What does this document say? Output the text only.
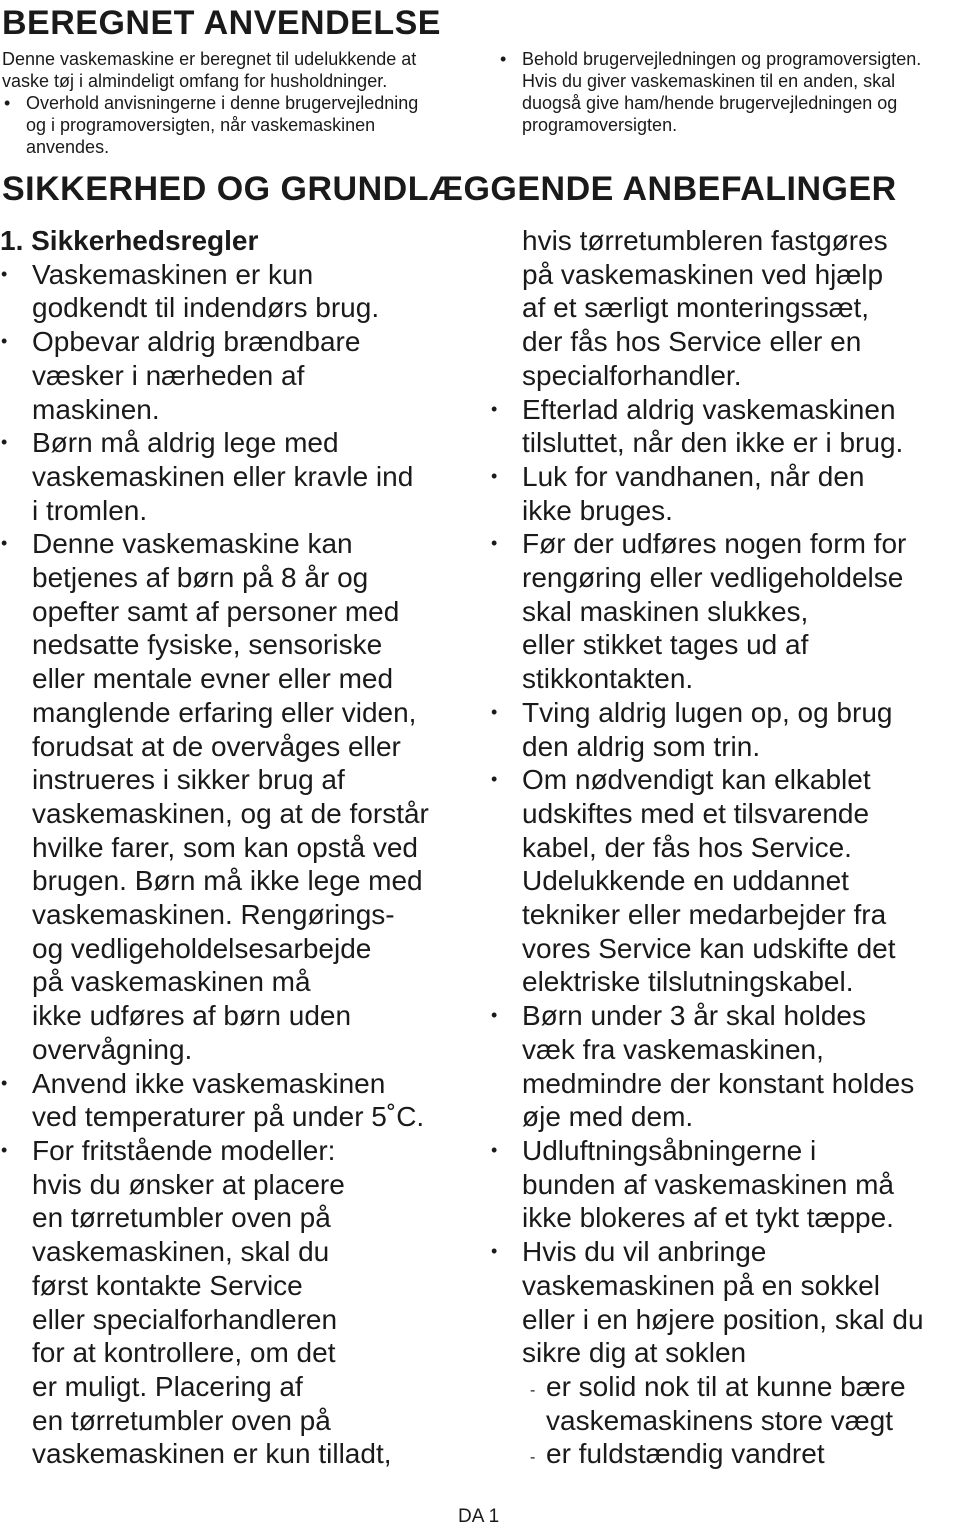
BEREGNET ANVENDELSE

Denne vaskemaskine er beregnet til udelukkende at
vaske tøj i almindeligt omfang for husholdninger.

• Overhold anvisningerne i denne brugervejledning
og i programoversigten, når vaskemaskinen
anvendes.
• Behold brugervejledningen og programoversigten.
Hvis du giver vaskemaskinen til en anden, skal
duogså give ham/hende brugervejledningen og
programoversigten.
SIKKERHED OG GRUNDLÆGGENDE ANBEFALINGER
1. Sikkerhedsregler
• Vaskemaskinen er kun
godkendt til indendørs brug.
• Opbevar aldrig brændbare
væsker i nærheden af
maskinen.
• Børn må aldrig lege med
vaskemaskinen eller kravle ind
i tromlen.
• Denne vaskemaskine kan
betjenes af børn på 8 år og
opefter samt af personer med
nedsatte fysiske, sensoriske
eller mentale evner eller med
manglende erfaring eller viden,
forudsat at de overvåges eller
instrueres i sikker brug af
vaskemaskinen, og at de forstår
hvilke farer, som kan opstå ved
brugen. Børn må ikke lege med
vaskemaskinen. Rengørings-
og vedligeholdelsesarbejde
på vaskemaskinen må
ikke udføres af børn uden
overvågning.
• Anvend ikke vaskemaskinen
ved temperaturer på under 5˚C.
• For fritstående modeller:
hvis du ønsker at placere
en tørretumbler oven på
vaskemaskinen, skal du
først kontakte Service
eller specialforhandleren
for at kontrollere, om det
er muligt. Placering af
en tørretumbler oven på
vaskemaskinen er kun tilladt,
hvis tørretumbleren fastgøres
på vaskemaskinen ved hjælp
af et særligt monteringssæt,
der fås hos Service eller en
specialforhandler.
• Efterlad aldrig vaskemaskinen
tilsluttet, når den ikke er i brug.
• Luk for vandhanen, når den
ikke bruges.
• Før der udføres nogen form for
rengøring eller vedligeholdelse
skal maskinen slukkes,
eller stikket tages ud af
stikkontakten.
• Tving aldrig lugen op, og brug
den aldrig som trin.
• Om nødvendigt kan elkablet
udskiftes med et tilsvarende
kabel, der fås hos Service.
Udelukkende en uddannet
tekniker eller medarbejder fra
vores Service kan udskifte det
elektriske tilslutningskabel.
• Børn under 3 år skal holdes
væk fra vaskemaskinen,
medmindre der konstant holdes
øje med dem.
• Udluftningsåbningerne i
bunden af vaskemaskinen må
ikke blokeres af et tykt tæppe.
• Hvis du vil anbringe
vaskemaskinen på en sokkel
eller i en højere position, skal du
sikre dig at soklen
- er solid nok til at kunne bære
vaskemaskinens store vægt
- er fuldstændig vandret
DA 1
